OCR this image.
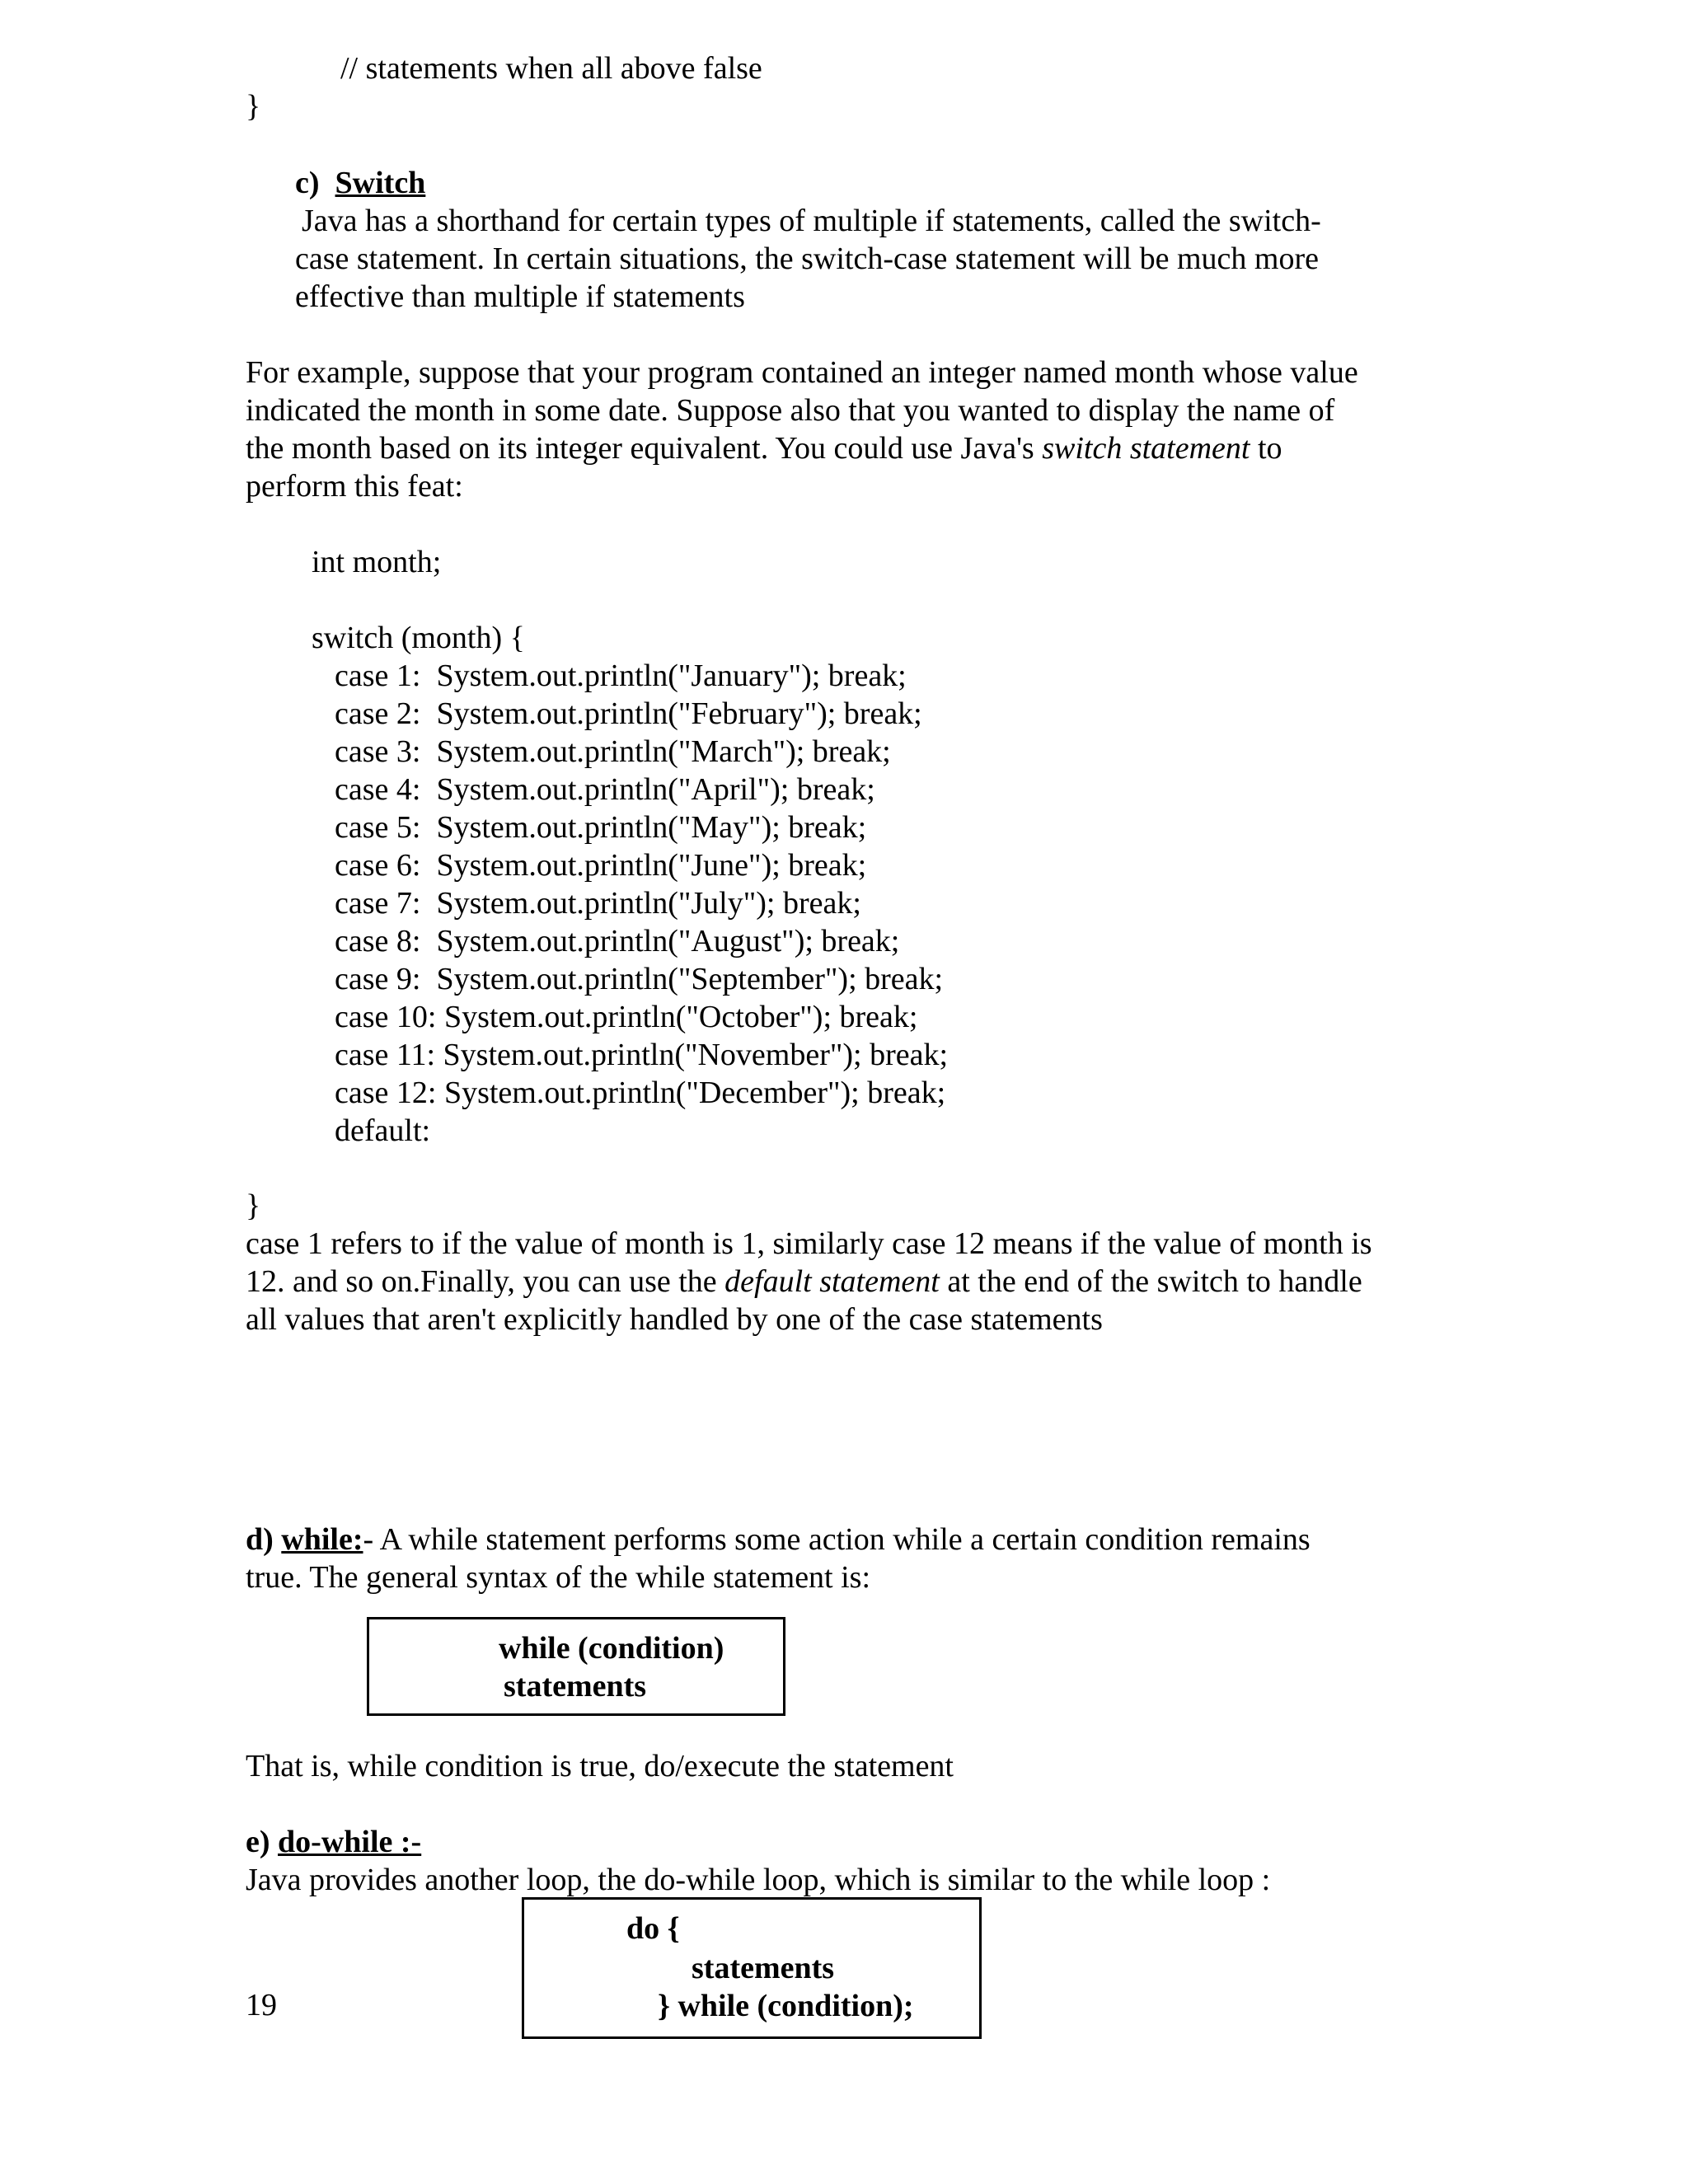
// statements when all above false
}
c) Switch
Java has a shorthand for certain types of multiple if statements, called the switch-
case statement. In certain situations, the switch-case statement will be much more
effective than multiple if statements
For example, suppose that your program contained an integer named month whose value
indicated the month in some date. Suppose also that you wanted to display the name of
the month based on its integer equivalent. You could use Java's switch statement to
perform this feat:
int month;
switch (month) {
case 1:  System.out.println("January"); break;
case 2:  System.out.println("February"); break;
case 3:  System.out.println("March"); break;
case 4:  System.out.println("April"); break;
case 5:  System.out.println("May"); break;
case 6:  System.out.println("June"); break;
case 7:  System.out.println("July"); break;
case 8:  System.out.println("August"); break;
case 9:  System.out.println("September"); break;
case 10: System.out.println("October"); break;
case 11: System.out.println("November"); break;
case 12: System.out.println("December"); break;
default:
}
case 1 refers to if the value of month is 1, similarly case 12 means if the value of month is
12. and so on.Finally, you can use the default statement at the end of the switch to handle
all values that aren't explicitly handled by one of the case statements
d) while:- A while statement performs some action while a certain condition remains
true. The general syntax of the while statement is:
while (condition)
statements
That is, while condition is true, do/execute the statement
e) do-while :-
Java provides another loop, the do-while loop, which is similar to the while loop :
do {
statements
} while (condition);
19
